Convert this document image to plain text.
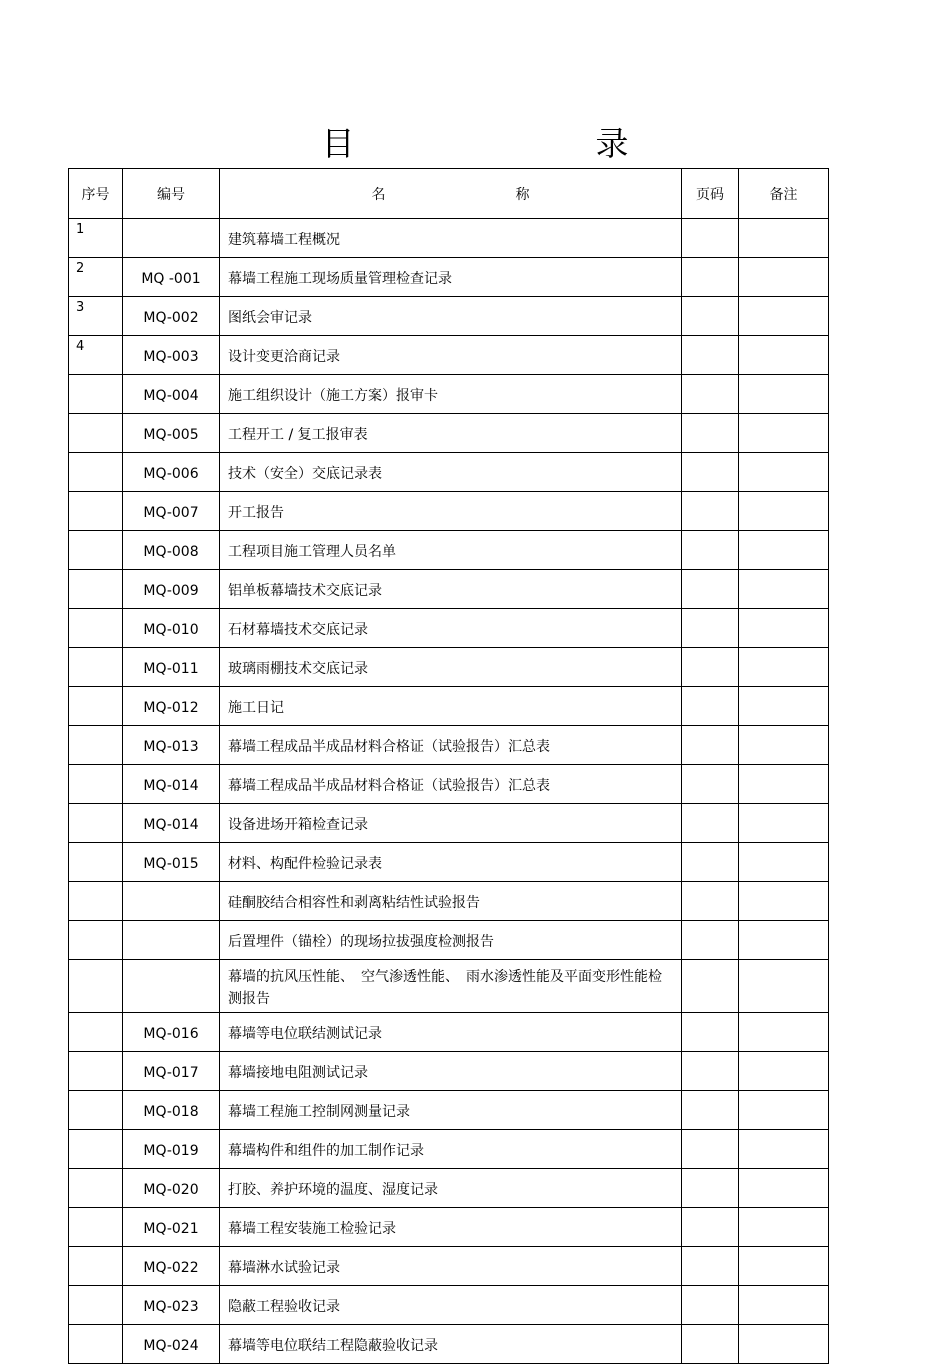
目　录
序号	编号	名　称	页码	备注
1		建筑幕墙工程概况		
2	MQ -001	幕墙工程施工现场质量管理检查记录		
3	MQ-002	图纸会审记录		
4	MQ-003	设计变更洽商记录		
	MQ-004	施工组织设计（施工方案）报审卡		
	MQ-005	工程开工 / 复工报审表		
	MQ-006	技术（安全）交底记录表		
	MQ-007	开工报告		
	MQ-008	工程项目施工管理人员名单		
	MQ-009	铝单板幕墙技术交底记录		
	MQ-010	石材幕墙技术交底记录		
	MQ-011	玻璃雨棚技术交底记录		
	MQ-012	施工日记		
	MQ-013	幕墙工程成品半成品材料合格证（试验报告）汇总表		
	MQ-014	幕墙工程成品半成品材料合格证（试验报告）汇总表		
	MQ-014	设备进场开箱检查记录		
	MQ-015	材料、构配件检验记录表		
		硅酮胶结合相容性和剥离粘结性试验报告		
		后置埋件（锚栓）的现场拉拔强度检测报告		
		幕墙的抗风压性能、　空气渗透性能、　雨水渗透性能及平面变形性能检测报告		
	MQ-016	幕墙等电位联结测试记录		
	MQ-017	幕墙接地电阻测试记录		
	MQ-018	幕墙工程施工控制网测量记录		
	MQ-019	幕墙构件和组件的加工制作记录		
	MQ-020	打胶、养护环境的温度、湿度记录		
	MQ-021	幕墙工程安装施工检验记录		
	MQ-022	幕墙淋水试验记录		
	MQ-023	隐蔽工程验收记录		
	MQ-024	幕墙等电位联结工程隐蔽验收记录		
